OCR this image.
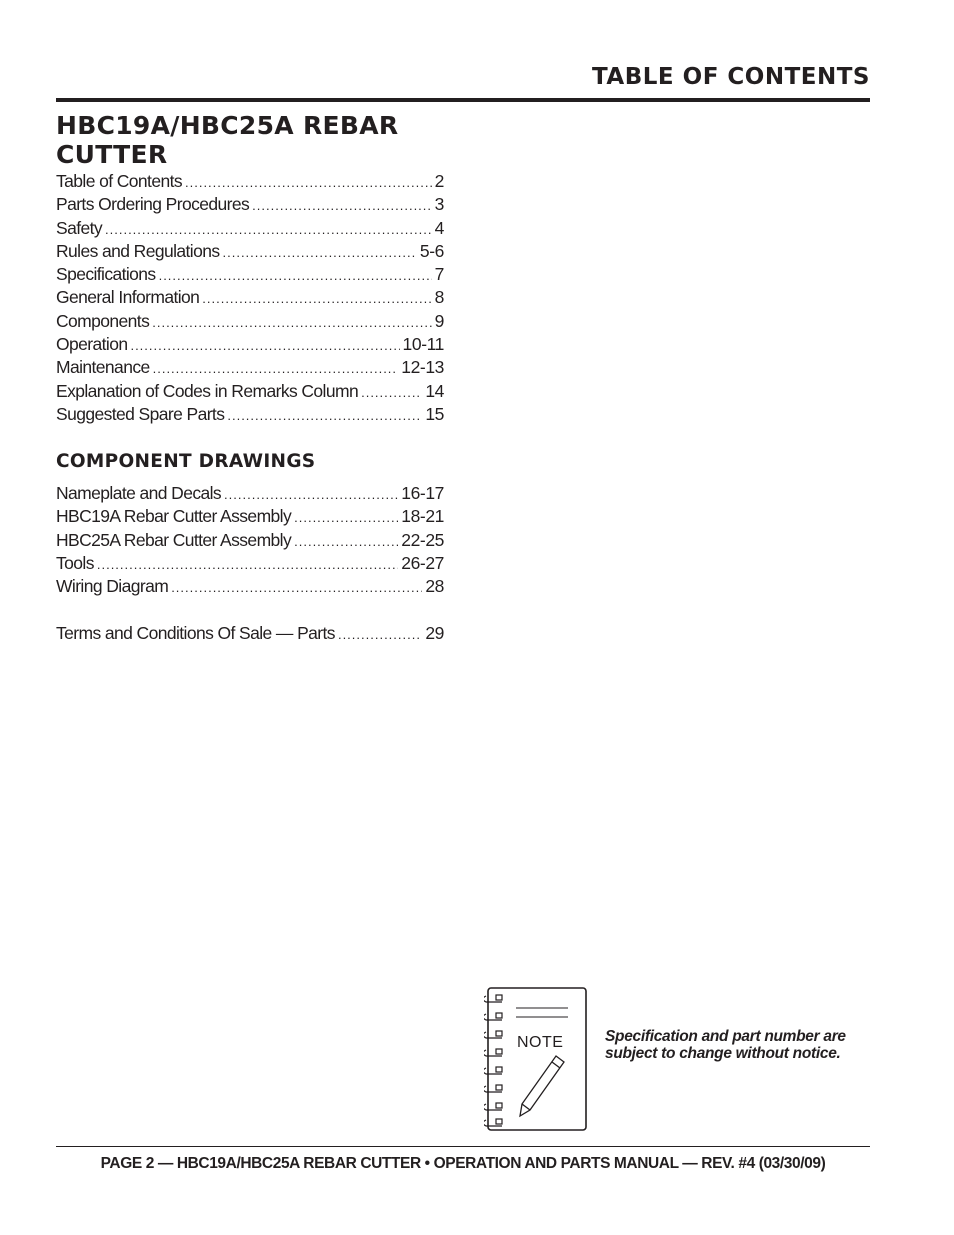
TABLE OF CONTENTS
HBC19A/HBC25A REBAR CUTTER
Table of Contents .....	2
Parts Ordering Procedures .....	3
Safety .....	4
Rules and Regulations .....	5-6
Specifications .....	7
General Information .....	8
Components .....	9
Operation .....	10-11
Maintenance .....	12-13
Explanation of Codes in Remarks Column .....	14
Suggested Spare Parts .....	15
COMPONENT DRAWINGS
Nameplate and Decals .....	16-17
HBC19A Rebar Cutter Assembly .....	18-21
HBC25A Rebar Cutter Assembly .....	22-25
Tools .....	26-27
Wiring Diagram .....	28
Terms and Conditions Of Sale — Parts .....	29
NOTE	Specification and part number are subject to change without notice.
PAGE 2 — HBC19A/HBC25A REBAR CUTTER • OPERATION AND PARTS MANUAL — REV. #4 (03/30/09)
